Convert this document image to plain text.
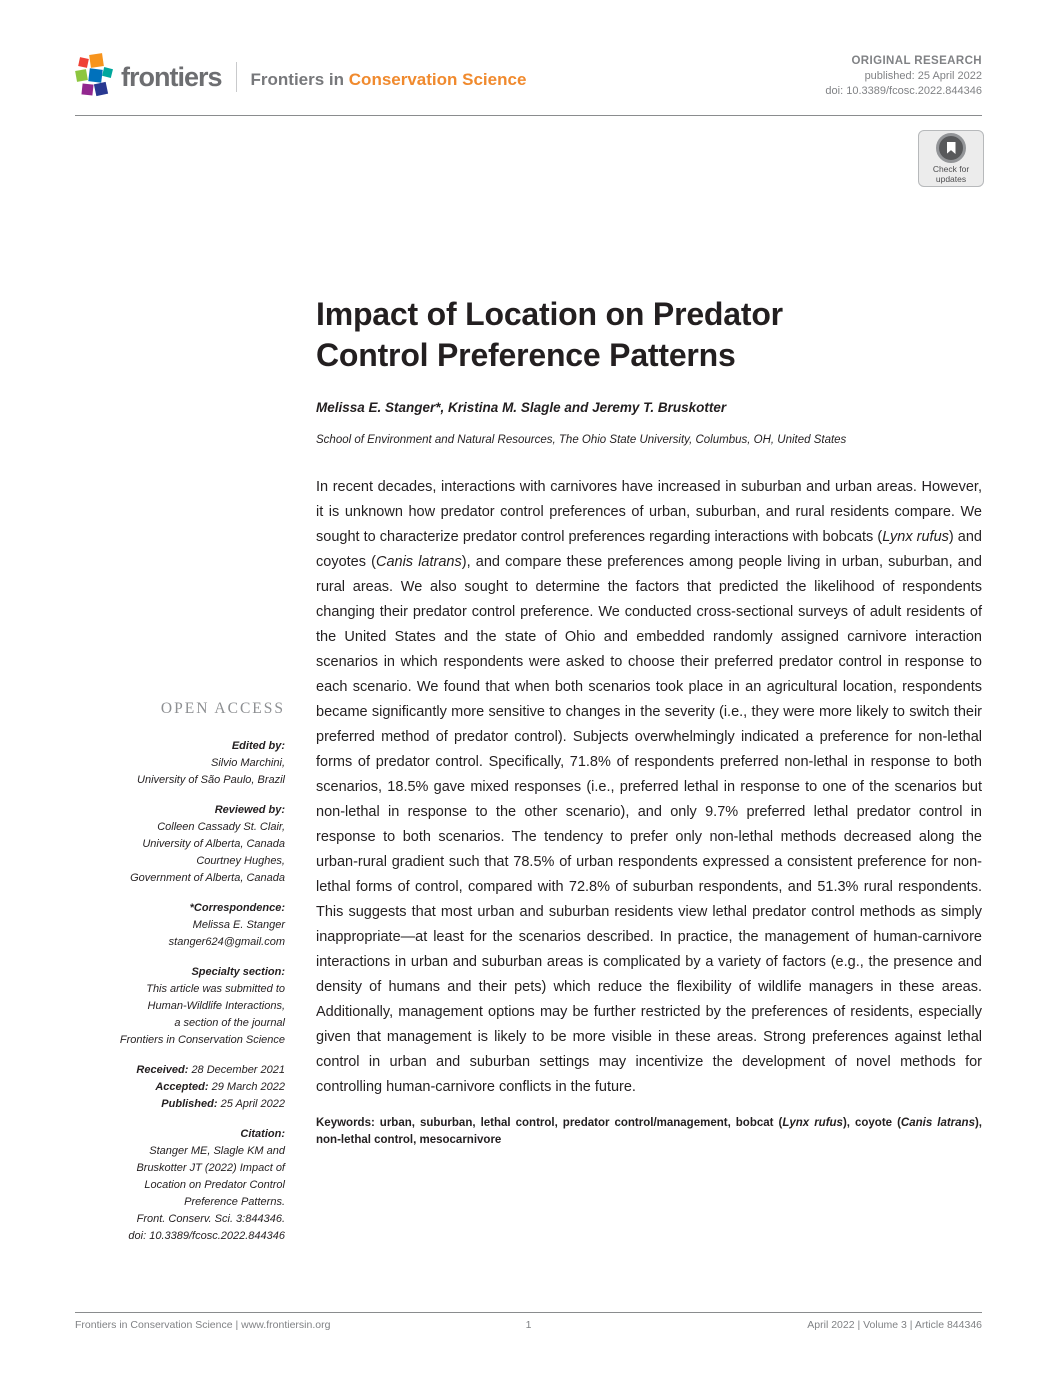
frontiers Frontiers in Conservation Science
ORIGINAL RESEARCH
published: 25 April 2022
doi: 10.3389/fcosc.2022.844346
Check for
updates
OPEN ACCESS
Edited by:
Silvio Marchini,
University of São Paulo, Brazil
Reviewed by:
Colleen Cassady St. Clair,
University of Alberta, Canada
Courtney Hughes,
Government of Alberta, Canada
*Correspondence:
Melissa E. Stanger
stanger624@gmail.com
Specialty section:
This article was submitted to
Human-Wildlife Interactions,
a section of the journal
Frontiers in Conservation Science
Received: 28 December 2021
Accepted: 29 March 2022
Published: 25 April 2022
Citation:
Stanger ME, Slagle KM and
Bruskotter JT (2022) Impact of
Location on Predator Control
Preference Patterns.
Front. Conserv. Sci. 3:844346.
doi: 10.3389/fcosc.2022.844346
Impact of Location on Predator
Control Preference Patterns
Melissa E. Stanger*, Kristina M. Slagle and Jeremy T. Bruskotter
School of Environment and Natural Resources, The Ohio State University, Columbus, OH, United States

In recent decades, interactions with carnivores have increased in suburban and urban areas. However, it is unknown how predator control preferences of urban, suburban, and rural residents compare. We sought to characterize predator control preferences regarding interactions with bobcats (Lynx rufus) and coyotes (Canis latrans), and compare these preferences among people living in urban, suburban, and rural areas. We also sought to determine the factors that predicted the likelihood of respondents changing their predator control preference. We conducted cross-sectional surveys of adult residents of the United States and the state of Ohio and embedded randomly assigned carnivore interaction scenarios in which respondents were asked to choose their preferred predator control in response to each scenario. We found that when both scenarios took place in an agricultural location, respondents became significantly more sensitive to changes in the severity (i.e., they were more likely to switch their preferred method of predator control). Subjects overwhelmingly indicated a preference for non-lethal forms of predator control. Specifically, 71.8% of respondents preferred non-lethal in response to both scenarios, 18.5% gave mixed responses (i.e., preferred lethal in response to one of the scenarios but non-lethal in response to the other scenario), and only 9.7% preferred lethal predator control in response to both scenarios. The tendency to prefer only non-lethal methods decreased along the urban-rural gradient such that 78.5% of urban respondents expressed a consistent preference for non-lethal forms of control, compared with 72.8% of suburban respondents, and 51.3% rural respondents. This suggests that most urban and suburban residents view lethal predator control methods as simply inappropriate—at least for the scenarios described. In practice, the management of human-carnivore interactions in urban and suburban areas is complicated by a variety of factors (e.g., the presence and density of humans and their pets) which reduce the flexibility of wildlife managers in these areas. Additionally, management options may be further restricted by the preferences of residents, especially given that management is likely to be more visible in these areas. Strong preferences against lethal control in urban and suburban settings may incentivize the development of novel methods for controlling human-carnivore conflicts in the future.

Keywords: urban, suburban, lethal control, predator control/management, bobcat (Lynx rufus), coyote (Canis latrans), non-lethal control, mesocarnivore

Frontiers in Conservation Science | www.frontiersin.org	1	April 2022 | Volume 3 | Article 844346
